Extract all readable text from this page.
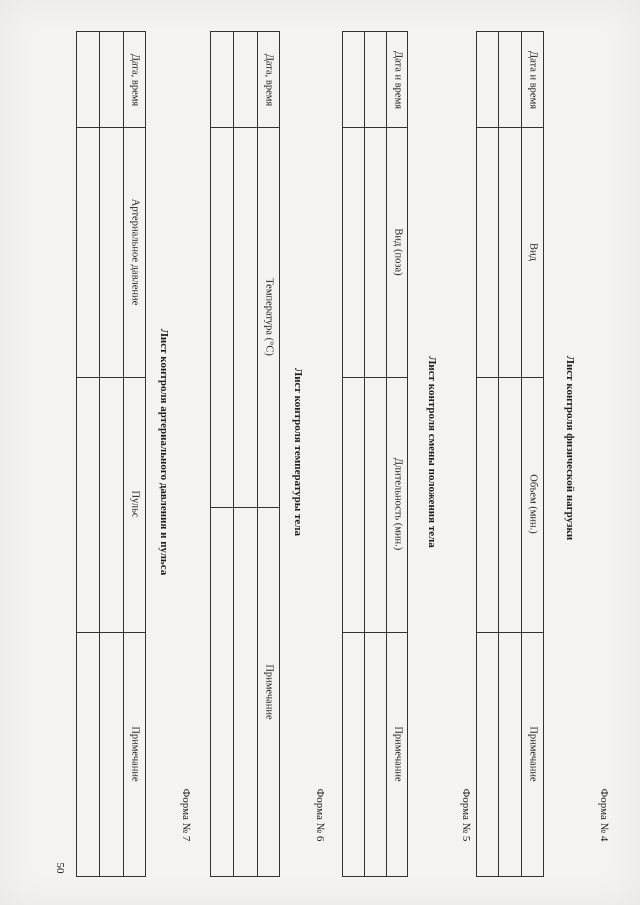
Форма № 4
Лист контроля физической нагрузки
Дата и время
Вид
Объем (мин.)
Примечание
Форма № 5
Лист контроля смены положения тела
Дата и время
Вид (поза)
Длительность (мин.)
Примечание
Форма № 6
Лист контроля температуры тела
Дата, время
Температура (°С)
Примечание
Форма № 7
Лист контроля артериального давления и пульса
Дата, время
Артериальное давление
Пульс
Примечание
50
